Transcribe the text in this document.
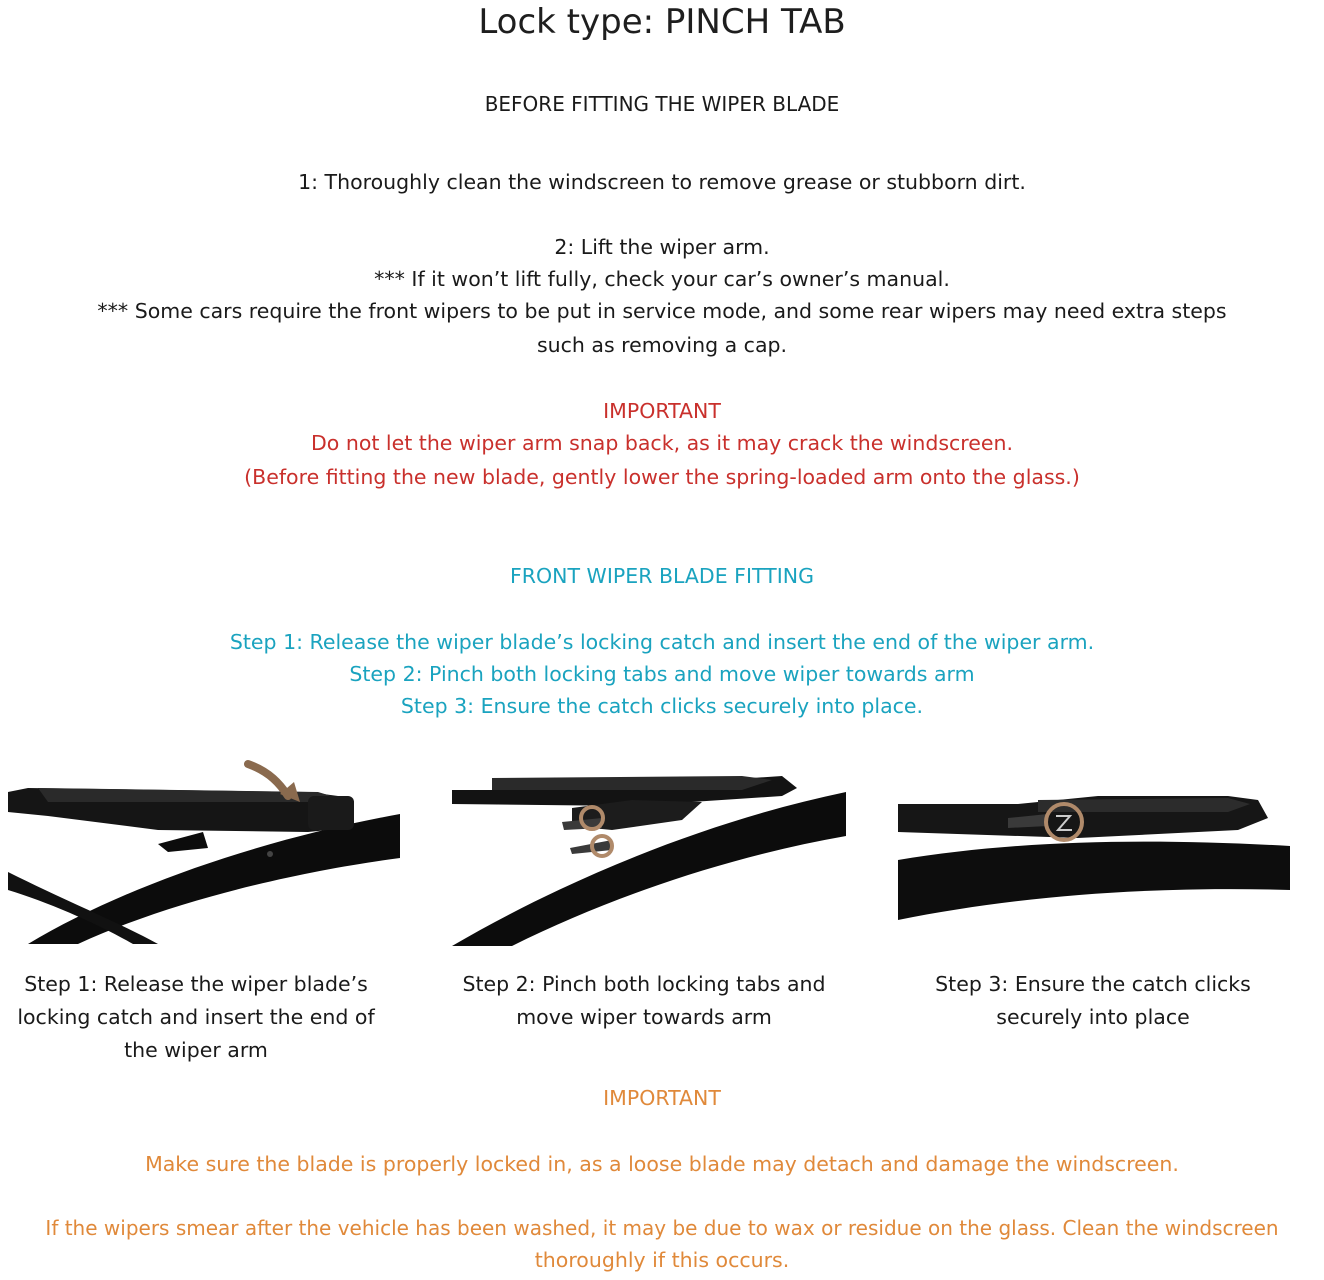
Lock type: PINCH TAB
BEFORE FITTING THE WIPER BLADE
1: Thoroughly clean the windscreen to remove grease or stubborn dirt.
2: Lift the wiper arm.
*** If it won’t lift fully, check your car’s owner’s manual.
*** Some cars require the front wipers to be put in service mode, and some rear wipers may need extra steps
such as removing a cap.
IMPORTANT
Do not let the wiper arm snap back, as it may crack the windscreen.
(Before fitting the new blade, gently lower the spring-loaded arm onto the glass.)
FRONT WIPER BLADE FITTING
Step 1: Release the wiper blade’s locking catch and insert the end of the wiper arm.
Step 2: Pinch both locking tabs and move wiper towards arm
Step 3: Ensure the catch clicks securely into place.
Step 1: Release the wiper blade’s
locking catch and insert the end of
the wiper arm
Step 2: Pinch both locking tabs and
move wiper towards arm
Step 3: Ensure the catch clicks
securely into place
IMPORTANT
Make sure the blade is properly locked in, as a loose blade may detach and damage the windscreen.
If the wipers smear after the vehicle has been washed, it may be due to wax or residue on the glass. Clean the windscreen
thoroughly if this occurs.
